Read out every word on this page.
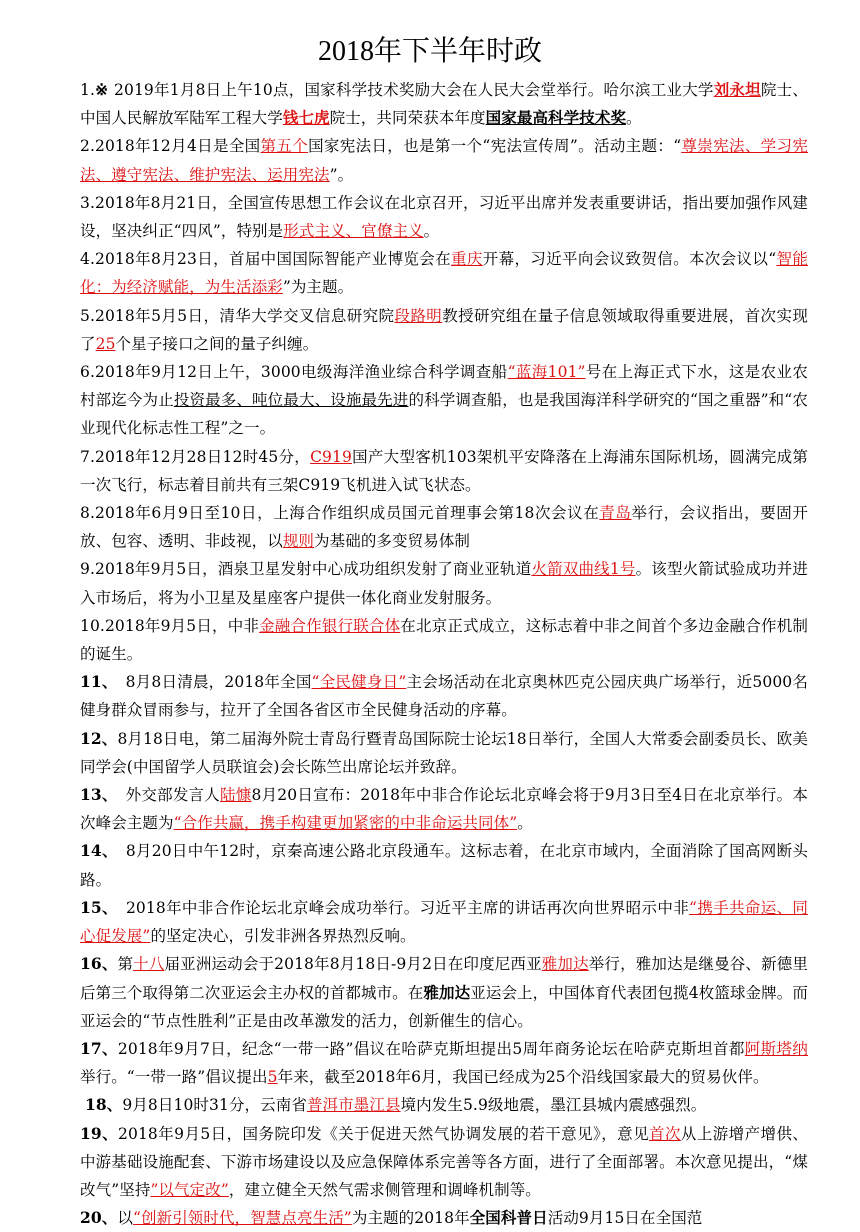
2018年下半年时政

1.※ 2019年1月8日上午10点，国家科学技术奖励大会在人民大会堂举行。哈尔滨工业大学刘永坦院士、中国人民解放军陆军工程大学钱七虎院士，共同荣获本年度国家最高科学技术奖。

2.2018年12月4日是全国第五个国家宪法日，也是第一个“宪法宣传周”。活动主题：“尊崇宪法、学习宪法、遵守宪法、维护宪法、运用宪法”。

3.2018年8月21日，全国宣传思想工作会议在北京召开，习近平出席并发表重要讲话，指出要加强作风建设，坚决纠正“四风”，特别是形式主义、官僚主义。

4.2018年8月23日，首届中国国际智能产业博览会在重庆开幕，习近平向会议致贺信。本次会议以“智能化：为经济赋能，为生活添彩”为主题。

5.2018年5月5日，清华大学交叉信息研究院段路明教授研究组在量子信息领域取得重要进展，首次实现了25个星子接口之间的量子纠缠。

6.2018年9月12日上午，3000电级海洋渔业综合科学调查船“蓝海101”号在上海正式下水，这是农业农村部迄今为止投资最多、吨位最大、设施最先进的科学调查船，也是我国海洋科学研究的“国之重器”和“农业现代化标志性工程”之一。

7.2018年12月28日12时45分，C919国产大型客机103架机平安降落在上海浦东国际机场，圆满完成第一次飞行，标志着目前共有三架C919飞机进入试飞状态。

8.2018年6月9日至10日，上海合作组织成员国元首理事会第18次会议在青岛举行，会议指出，要固开放、包容、透明、非歧视，以规则为基础的多变贸易体制

9.2018年9月5日，酒泉卫星发射中心成功组织发射了商业亚轨道火箭双曲线1号。该型火箭试验成功并进入市场后，将为小卫星及星座客户提供一体化商业发射服务。

10.2018年9月5日，中非金融合作银行联合体在北京正式成立，这标志着中非之间首个多边金融合作机制的诞生。

11、　8月8日清晨，2018年全国“全民健身日”主会场活动在北京奥林匹克公园庆典广场举行，近5000名健身群众冒雨参与，拉开了全国各省区市全民健身活动的序幕。

12、8月18日电，第二届海外院士青岛行暨青岛国际院士论坛18日举行，全国人大常委会副委员长、欧美同学会(中国留学人员联谊会)会长陈竺出席论坛并致辞。

13、　外交部发言人陆慷8月20日宣布：2018年中非合作论坛北京峰会将于9月3日至4日在北京举行。本次峰会主题为“合作共赢，携手构建更加紧密的中非命运共同体”。

14、　8月20日中午12时，京秦高速公路北京段通车。这标志着，在北京市域内，全面消除了国高网断头路。

15、　2018年中非合作论坛北京峰会成功举行。习近平主席的讲话再次向世界昭示中非“携手共命运、同心促发展”的坚定决心，引发非洲各界热烈反响。

16、第十八届亚洲运动会于2018年8月18日-9月2日在印度尼西亚雅加达举行，雅加达是继曼谷、新德里后第三个取得第二次亚运会主办权的首都城市。在雅加达亚运会上，中国体育代表团包揽4枚篮球金牌。而亚运会的“节点性胜利”正是由改革激发的活力，创新催生的信心。

17、2018年9月7日，纪念“一带一路”倡议在哈萨克斯坦提出5周年商务论坛在哈萨克斯坦首都阿斯塔纳举行。“一带一路”倡议提出5年来，截至2018年6月，我国已经成为25个沿线国家最大的贸易伙伴。

18、9月8日10时31分，云南省普洱市墨江县境内发生5.9级地震，墨江县城内震感强烈。

19、2018年9月5日，国务院印发《关于促进天然气协调发展的若干意见》，意见首次从上游增产增供、中游基础设施配套、下游市场建设以及应急保障体系完善等各方面，进行了全面部署。本次意见提出，“煤改气”坚持”以气定改”，建立健全天然气需求侧管理和调峰机制等。

20、以“创新引领时代，智慧点亮生活”为主题的2018年全国科普日活动9月15日在全国范
